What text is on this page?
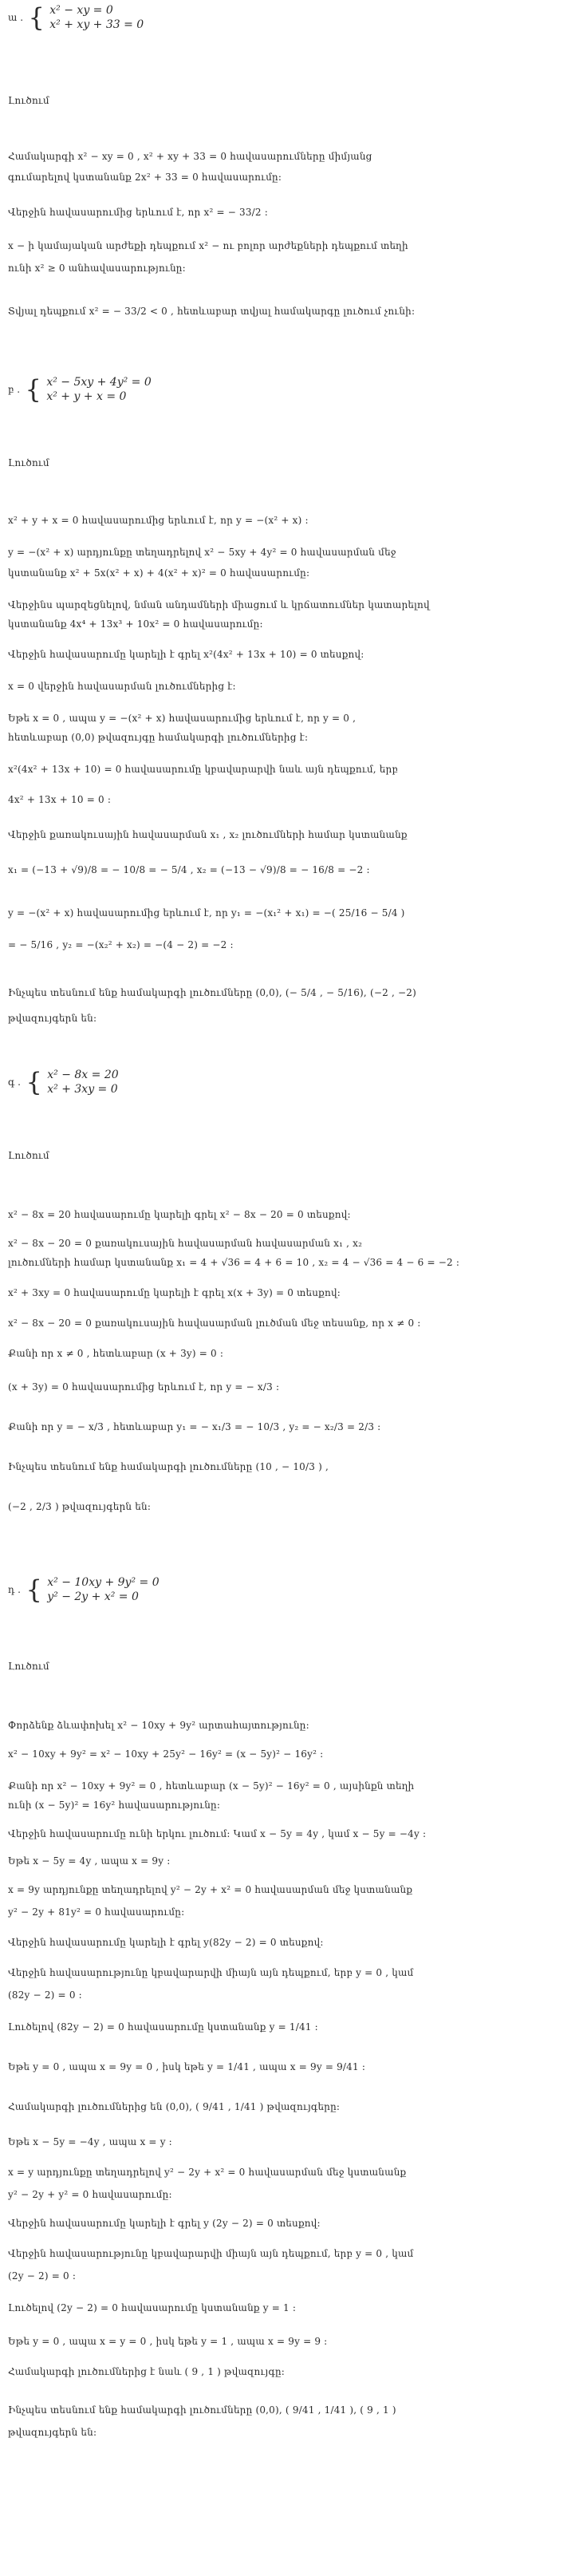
ա . { x² − xy = 0
x² + xy + 33 = 0
Լուծում
Համակարգի x² − xy = 0 , x² + xy + 33 = 0 հավասարումները միմյանց
գումարելով կստանանք 2x² + 33 = 0 հավասարումը:
Վերջին հավասարումից երևում է, որ x² = − 33/2 :
x − ի կամայական արժեքի դեպքում x² − ու բոլոր արժեքների դեպքում տեղի
ունի x² ≥ 0 անհավասարությունը:
Տվյալ դեպքում x² = − 33/2 < 0 , հետևաբար տվյալ համակարգը լուծում չունի:
բ . { x² − 5xy + 4y² = 0
x² + y + x = 0
Լուծում
x² + y + x = 0 հավասարումից երևում է, որ y = −(x² + x) :
y = −(x² + x) արդյունքը տեղադրելով x² − 5xy + 4y² = 0 հավասարման մեջ
կստանանք x² + 5x(x² + x) + 4(x² + x)² = 0 հավասարումը:
Վերջինս պարզեցնելով, նման անդամների միացում և կրճատումներ կատարելով
կստանանք 4x⁴ + 13x³ + 10x² = 0 հավասարումը:
Վերջին հավասարումը կարելի է գրել x²(4x² + 13x + 10) = 0 տեսքով:
x = 0 վերջին հավասարման լուծումներից է:
Եթե x = 0 , ապա y = −(x² + x) հավասարումից երևում է, որ y = 0 ,
հետևաբար (0,0) թվազույգը համակարգի լուծումներից է:
x²(4x² + 13x + 10) = 0 հավասարումը կբավարարվի նաև այն դեպքում, երբ
4x² + 13x + 10 = 0 :
Վերջին քառակուսային հավասարման x₁ , x₂ լուծումների համար կստանանք
x₁ = (−13 + √9)/8 = − 10/8 = − 5/4 , x₂ = (−13 − √9)/8 = − 16/8 = −2 :
y = −(x² + x) հավասարումից երևում է, որ y₁ = −(x₁² + x₁) = −( 25/16 − 5/4 )
= − 5/16 , y₂ = −(x₂² + x₂) = −(4 − 2) = −2 :
Ինչպես տեսնում ենք համակարգի լուծումները (0,0), (− 5/4 , − 5/16), (−2 , −2)
թվազույգերն են:
գ . { x² − 8x = 20
x² + 3xy = 0
Լուծում
x² − 8x = 20 հավասարումը կարելի գրել x² − 8x − 20 = 0 տեսքով:
x² − 8x − 20 = 0 քառակուսային հավասարման հավասարման x₁ , x₂
լուծումների համար կստանանք x₁ = 4 + √36 = 4 + 6 = 10 , x₂ = 4 − √36 = 4 − 6 = −2 :
x² + 3xy = 0 հավասարումը կարելի է գրել x(x + 3y) = 0 տեսքով:
x² − 8x − 20 = 0 քառակուսային հավասարման լուծման մեջ տեսանք, որ x ≠ 0 :
Քանի որ x ≠ 0 , հետևաբար (x + 3y) = 0 :
(x + 3y) = 0 հավասարումից երևում է, որ y = − x/3 :
Քանի որ y = − x/3 , հետևաբար y₁ = − x₁/3 = − 10/3 , y₂ = − x₂/3 = 2/3 :
Ինչպես տեսնում ենք համակարգի լուծումները (10 , − 10/3 ) ,
(−2 , 2/3 ) թվազույգերն են:
դ . { x² − 10xy + 9y² = 0
y² − 2y + x² = 0
Լուծում
Փորձենք ձևափոխել x² − 10xy + 9y² արտահայտությունը:
x² − 10xy + 9y² = x² − 10xy + 25y² − 16y² = (x − 5y)² − 16y² :
Քանի որ x² − 10xy + 9y² = 0 , հետևաբար (x − 5y)² − 16y² = 0 , այսինքն տեղի
ունի (x − 5y)² = 16y² հավասարությունը:
Վերջին հավասարումը ունի երկու լուծում: Կամ x − 5y = 4y , կամ x − 5y = −4y :
Եթե x − 5y = 4y , ապա x = 9y :
x = 9y արդյունքը տեղադրելով y² − 2y + x² = 0 հավասարման մեջ կստանանք
y² − 2y + 81y² = 0 հավասարումը:
Վերջին հավասարումը կարելի է գրել y(82y − 2) = 0 տեսքով:
Վերջին հավասարությունը կբավարարվի միայն այն դեպքում, երբ y = 0 , կամ
(82y − 2) = 0 :
Լուծելով (82y − 2) = 0 հավասարումը կստանանք y = 1/41 :
Եթե y = 0 , ապա x = 9y = 0 , իսկ եթե y = 1/41 , ապա x = 9y = 9/41 :
Համակարգի լուծումներից են (0,0), ( 9/41 , 1/41 ) թվազույգերը:
Եթե x − 5y = −4y , ապա x = y :
x = y արդյունքը տեղադրելով y² − 2y + x² = 0 հավասարման մեջ կստանանք
y² − 2y + y² = 0 հավասարումը:
Վերջին հավասարումը կարելի է գրել y (2y − 2) = 0 տեսքով:
Վերջին հավասարությունը կբավարարվի միայն այն դեպքում, երբ y = 0 , կամ
(2y − 2) = 0 :
Լուծելով (2y − 2) = 0 հավասարումը կստանանք y = 1 :
Եթե y = 0 , ապա x = y = 0 , իսկ եթե y = 1 , ապա x = 9y = 9 :
Համակարգի լուծումներից է նաև ( 9 , 1 ) թվազույգը:
Ինչպես տեսնում ենք համակարգի լուծումները (0,0), ( 9/41 , 1/41 ), ( 9 , 1 )
թվազույգերն են:
